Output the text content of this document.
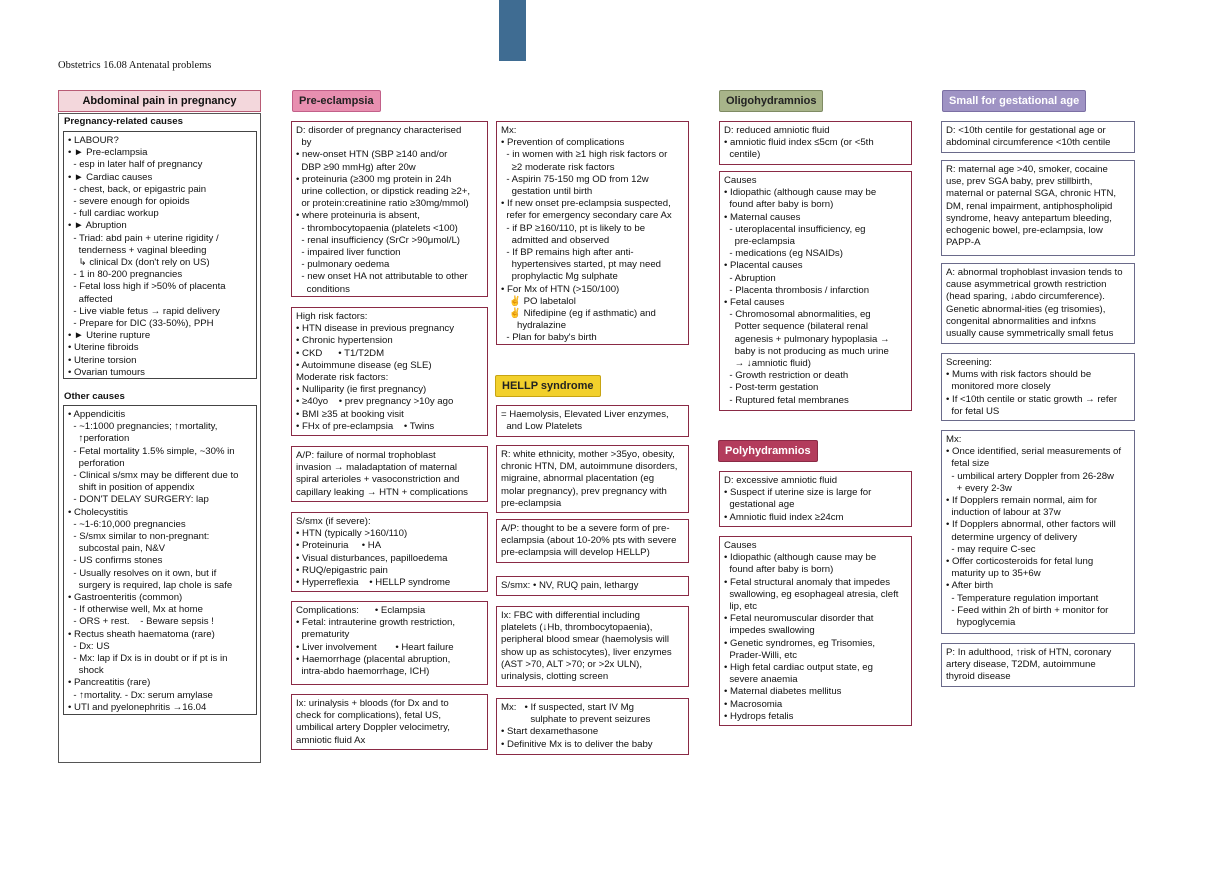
Obstetrics 16.08 Antenatal problems
Abdominal pain in pregnancy
Pregnancy-related causes
• LABOUR?
• ► Pre-eclampsia
- esp in later half of pregnancy
• ► Cardiac causes
- chest, back, or epigastric pain
- severe enough for opioids
- full cardiac workup
• ► Abruption
- Triad: abd pain + uterine rigidity /
tenderness + vaginal bleeding
↳ clinical Dx (don't rely on US)
- 1 in 80-200 pregnancies
- Fetal loss high if >50% of placenta
affected
- Live viable fetus → rapid delivery
- Prepare for DIC (33-50%), PPH
• ► Uterine rupture
• Uterine fibroids
• Uterine torsion
• Ovarian tumours
Other causes
• Appendicitis
- ~1:1000 pregnancies; ↑mortality,
↑perforation
- Fetal mortality 1.5% simple, ~30% in
perforation
- Clinical s/smx may be different due to
shift in position of appendix
- DON'T DELAY SURGERY: lap
• Cholecystitis
- ~1-6:10,000 pregnancies
- S/smx similar to non-pregnant:
subcostal pain, N&V
- US confirms stones
- Usually resolves on it own, but if
surgery is required, lap chole is safe
• Gastroenteritis (common)
- If otherwise well, Mx at home
- ORS + rest.    - Beware sepsis !
• Rectus sheath haematoma (rare)
- Dx: US
- Mx: lap if Dx is in doubt or if pt is in
shock
• Pancreatitis (rare)
- ↑mortality. - Dx: serum amylase
• UTI and pyelonephritis →16.04
Pre-eclampsia
D: disorder of pregnancy characterised
by
• new-onset HTN (SBP ≥140 and/or
DBP ≥90 mmHg) after 20w
• proteinuria (≥300 mg protein in 24h
urine collection, or dipstick reading ≥2+,
or protein:creatinine ratio ≥30mg/mmol)
• where proteinuria is absent,
- thrombocytopaenia (platelets <100)
- renal insufficiency (SrCr >90μmol/L)
- impaired liver function
- pulmonary oedema
- new onset HA not attributable to other
conditions
High risk factors:
• HTN disease in previous pregnancy
• Chronic hypertension
• CKD      • T1/T2DM
• Autoimmune disease (eg SLE)
Moderate risk factors:
• Nulliparity (ie first pregnancy)
• ≥40yo    • prev pregnancy >10y ago
• BMI ≥35 at booking visit
• FHx of pre-eclampsia    • Twins
A/P: failure of normal trophoblast
invasion → maladaptation of maternal
spiral arterioles + vasoconstriction and
capillary leaking → HTN + complications
S/smx (if severe):
• HTN (typically >160/110)
• Proteinuria     • HA
• Visual disturbances, papilloedema
• RUQ/epigastric pain
• Hyperreflexia    • HELLP syndrome
Complications:      • Eclampsia
• Fetal: intrauterine growth restriction,
prematurity
• Liver involvement       • Heart failure
• Haemorrhage (placental abruption,
intra-abdo haemorrhage, ICH)
Ix: urinalysis + bloods (for Dx and to
check for complications), fetal US,
umbilical artery Doppler velocimetry,
amniotic fluid Ax
Mx:
• Prevention of complications
- in women with ≥1 high risk factors or
≥2 moderate risk factors
- Aspirin 75-150 mg OD from 12w
gestation until birth
• If new onset pre-eclampsia suspected,
refer for emergency secondary care Ax
- if BP ≥160/110, pt is likely to be
admitted and observed
- If BP remains high after anti-
hypertensives started, pt may need
prophylactic Mg sulphate
• For Mx of HTN (>150/100)
✌ PO labetalol
✌ Nifedipine (eg if asthmatic) and
hydralazine
- Plan for baby's birth
HELLP syndrome
= Haemolysis, Elevated Liver enzymes,
and Low Platelets
R: white ethnicity, mother >35yo, obesity,
chronic HTN, DM, autoimmune disorders,
migraine, abnormal placentation (eg
molar pregnancy), prev pregnancy with
pre-eclampsia
A/P: thought to be a severe form of pre-
eclampsia (about 10-20% pts with severe
pre-eclampsia will develop HELLP)
S/smx: • NV, RUQ pain, lethargy
Ix: FBC with differential including
platelets (↓Hb, thrombocytopaenia),
peripheral blood smear (haemolysis will
show up as schistocytes), liver enzymes
(AST >70, ALT >70; or >2x ULN),
urinalysis, clotting screen
Mx:   • If suspected, start IV Mg
sulphate to prevent seizures
• Start dexamethasone
• Definitive Mx is to deliver the baby
Oligohydramnios
D: reduced amniotic fluid
• amniotic fluid index ≤5cm (or <5th
centile)
Causes
• Idiopathic (although cause may be
found after baby is born)
• Maternal causes
- uteroplacental insufficiency, eg
pre-eclampsia
- medications (eg NSAIDs)
• Placental causes
- Abruption
- Placenta thrombosis / infarction
• Fetal causes
- Chromosomal abnormalities, eg
Potter sequence (bilateral renal
agenesis + pulmonary hypoplasia →
baby is not producing as much urine
→ ↓amniotic fluid)
- Growth restriction or death
- Post-term gestation
- Ruptured fetal membranes
Polyhydramnios
D: excessive amniotic fluid
• Suspect if uterine size is large for
gestational age
• Amniotic fluid index ≥24cm
Causes
• Idiopathic (although cause may be
found after baby is born)
• Fetal structural anomaly that impedes
swallowing, eg esophageal atresia, cleft
lip, etc
• Fetal neuromuscular disorder that
impedes swallowing
• Genetic syndromes, eg Trisomies,
Prader-Willi, etc
• High fetal cardiac output state, eg
severe anaemia
• Maternal diabetes mellitus
• Macrosomia
• Hydrops fetalis
Small for gestational age
D: <10th centile for gestational age or
abdominal circumference <10th centile
R: maternal age >40, smoker, cocaine
use, prev SGA baby, prev stillbirth,
maternal or paternal SGA, chronic HTN,
DM, renal impairment, antiphospholipid
syndrome, heavy antepartum bleeding,
echogenic bowel, pre-eclampsia, low
PAPP-A
A: abnormal trophoblast invasion tends to
cause asymmetrical growth restriction
(head sparing, ↓abdo circumference).
Genetic abnormal-ities (eg trisomies),
congenital abnormalities and infxns
usually cause symmetrically small fetus
Screening:
• Mums with risk factors should be
monitored more closely
• If <10th centile or static growth → refer
for fetal US
Mx:
• Once identified, serial measurements of
fetal size
- umbilical artery Doppler from 26-28w
+ every 2-3w
• If Dopplers remain normal, aim for
induction of labour at 37w
• If Dopplers abnormal, other factors will
determine urgency of delivery
- may require C-sec
• Offer corticosteroids for fetal lung
maturity up to 35+6w
• After birth
- Temperature regulation important
- Feed within 2h of birth + monitor for
hypoglycemia
P: In adulthood, ↑risk of HTN, coronary
artery disease, T2DM, autoimmune
thyroid disease
